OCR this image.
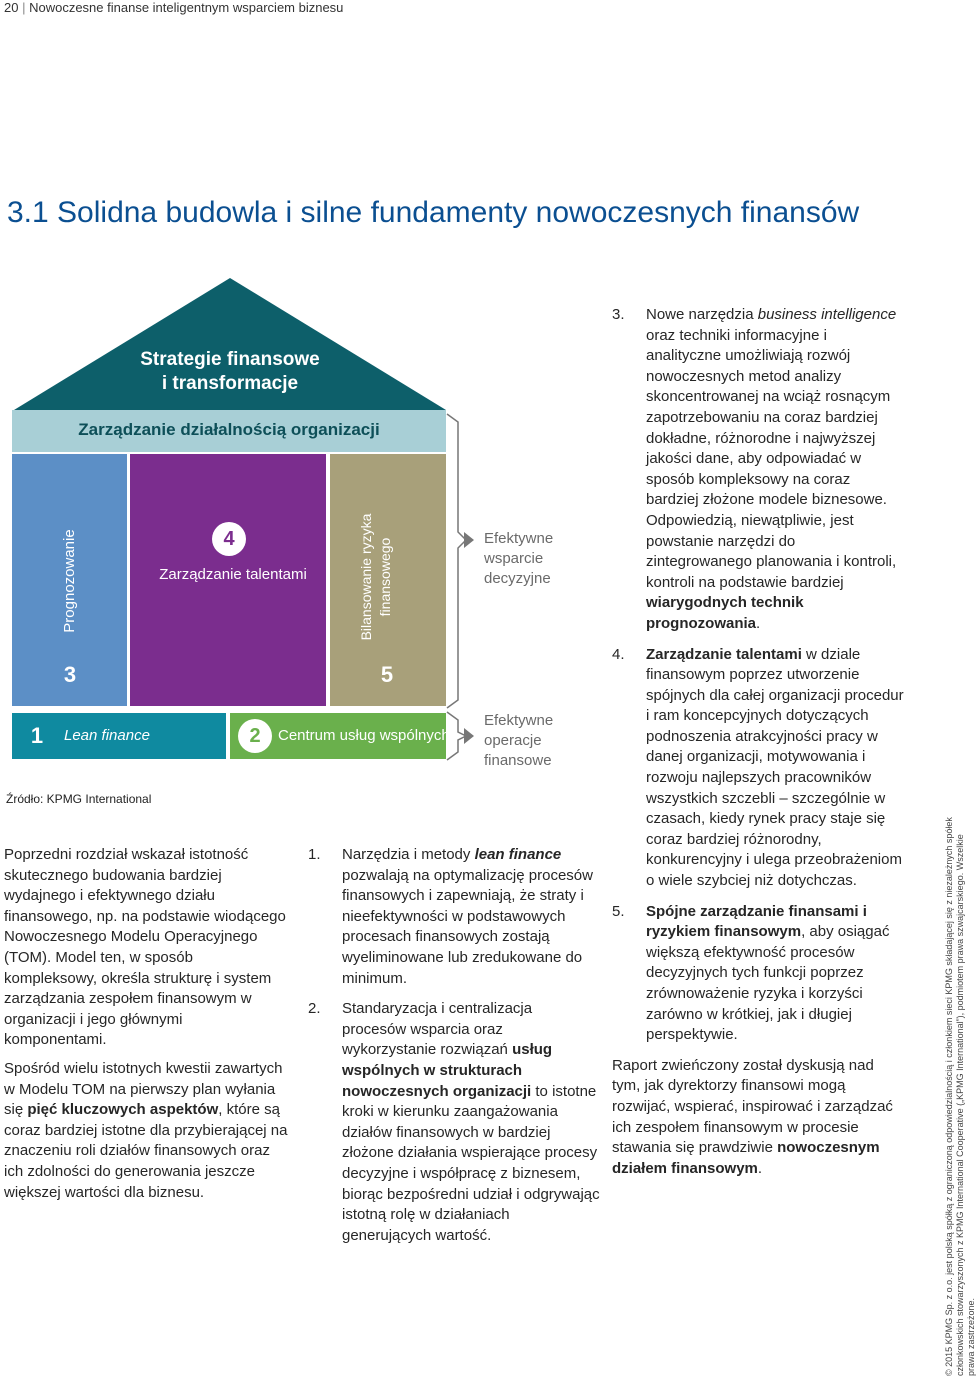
20 | Nowoczesne finanse inteligentnym wsparciem biznesu
3.1 Solidna budowla i silne fundamenty nowoczesnych finansów
Strategie finansowe
i transformacje
Zarządzanie działalnością organizacji
Prognozowanie
3
4
Zarządzanie talentami	Bilansowanie ryzyka finansowego
5
1	Lean finance	2	Centrum usług wspólnych
Efektywne
wsparcie
decyzyjne
Efektywne
operacje
finansowe
Źródło: KPMG International

Poprzedni rozdział wskazał istotność skutecznego budowania bardziej wydajnego i efektywnego działu finansowego, np. na podstawie wiodącego Nowoczesnego Modelu Operacyjnego (TOM). Model ten, w sposób kompleksowy, określa strukturę i system zarządzania zespołem finansowym w organizacji i jego głównymi komponentami.

Spośród wielu istotnych kwestii zawartych w Modelu TOM na pierwszy plan wyłania się pięć kluczowych aspektów, które są coraz bardziej istotne dla przybierającej na znaczeniu roli działów finansowych oraz ich zdolności do generowania jeszcze większej wartości dla biznesu.

1. Narzędzia i metody lean finance pozwalają na optymalizację procesów finansowych i zapewniają, że straty i nieefektywności w podstawowych procesach finansowych zostają wyeliminowane lub zredukowane do minimum.
2. Standaryzacja i centralizacja procesów wsparcia oraz wykorzystanie rozwiązań usług wspólnych w strukturach nowoczesnych organizacji to istotne kroki w kierunku zaangażowania działów finansowych w bardziej złożone działania wspierające procesy decyzyjne i współpracę z biznesem, biorąc bezpośredni udział i odgrywając istotną rolę w działaniach generujących wartość.
3. Nowe narzędzia business intelligence oraz techniki informacyjne i analityczne umożliwiają rozwój nowoczesnych metod analizy skoncentrowanej na wciąż rosnącym zapotrzebowaniu na coraz bardziej dokładne, różnorodne i najwyższej jakości dane, aby odpowiadać w sposób kompleksowy na coraz bardziej złożone modele biznesowe. Odpowiedzią, niewątpliwie, jest powstanie narzędzi do zintegrowanego planowania i kontroli, kontroli na podstawie bardziej wiarygodnych technik prognozowania.
4. Zarządzanie talentami w dziale finansowym poprzez utworzenie spójnych dla całej organizacji procedur i ram koncepcyjnych dotyczących podnoszenia atrakcyjności pracy w danej organizacji, motywowania i rozwoju najlepszych pracowników wszystkich szczebli – szczególnie w czasach, kiedy rynek pracy staje się coraz bardziej różnorodny, konkurencyjny i ulega przeobrażeniom o wiele szybciej niż dotychczas.
5. Spójne zarządzanie finansami i ryzykiem finansowym, aby osiągać większą efektywność procesów decyzyjnych tych funkcji poprzez zrównoważenie ryzyka i korzyści zarówno w krótkiej, jak i długiej perspektywie.

Raport zwieńczony został dyskusją nad tym, jak dyrektorzy finansowi mogą rozwijać, wspierać, inspirować i zarządzać ich zespołem finansowym w procesie stawania się prawdziwie nowoczesnym działem finansowym.	© 2015 KPMG Sp. z o.o. jest polską spółką z ograniczoną odpowiedzialnością i członkiem sieci KPMG składającej się z niezależnych spółek członkowskich stowarzyszonych z KPMG International Cooperative („KPMG International”), podmiotem prawa szwajcarskiego. Wszelkie prawa zastrzeżone.
